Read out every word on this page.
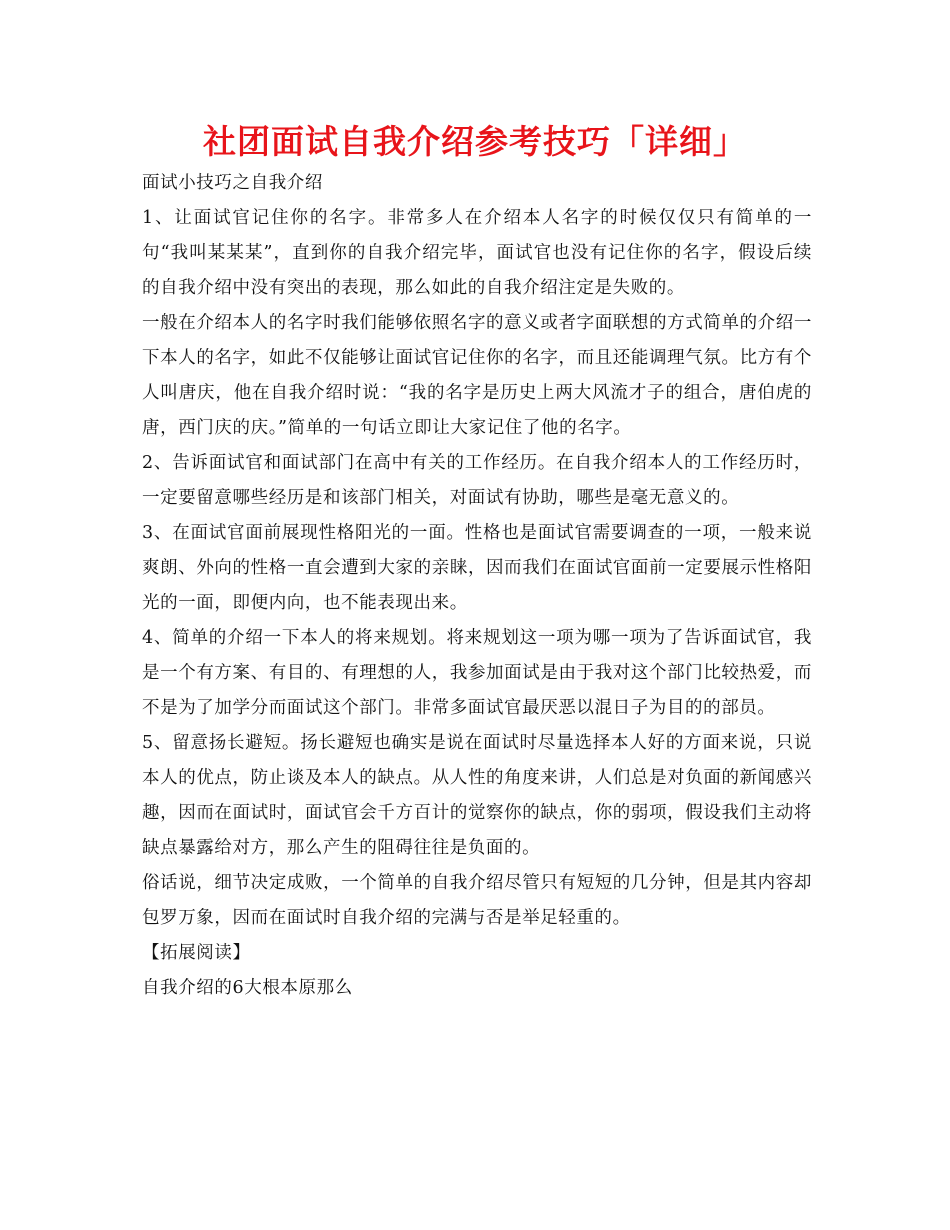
社团面试自我介绍参考技巧「详细」

面试小技巧之自我介绍

1、让面试官记住你的名字。非常多人在介绍本人名字的时候仅仅只有简单的一句“我叫某某某”，直到你的自我介绍完毕，面试官也没有记住你的名字，假设后续的自我介绍中没有突出的表现，那么如此的自我介绍注定是失败的。

一般在介绍本人的名字时我们能够依照名字的意义或者字面联想的方式简单的介绍一下本人的名字，如此不仅能够让面试官记住你的名字，而且还能调理气氛。比方有个人叫唐庆，他在自我介绍时说：“我的名字是历史上两大风流才子的组合，唐伯虎的唐，西门庆的庆。”简单的一句话立即让大家记住了他的名字。

2、告诉面试官和面试部门在高中有关的工作经历。在自我介绍本人的工作经历时，一定要留意哪些经历是和该部门相关，对面试有协助，哪些是毫无意义的。

3、在面试官面前展现性格阳光的一面。性格也是面试官需要调查的一项，一般来说爽朗、外向的性格一直会遭到大家的亲睐，因而我们在面试官面前一定要展示性格阳光的一面，即便内向，也不能表现出来。

4、简单的介绍一下本人的将来规划。将来规划这一项为哪一项为了告诉面试官，我是一个有方案、有目的、有理想的人，我参加面试是由于我对这个部门比较热爱，而不是为了加学分而面试这个部门。非常多面试官最厌恶以混日子为目的的部员。

5、留意扬长避短。扬长避短也确实是说在面试时尽量选择本人好的方面来说，只说本人的优点，防止谈及本人的缺点。从人性的角度来讲，人们总是对负面的新闻感兴趣，因而在面试时，面试官会千方百计的觉察你的缺点，你的弱项，假设我们主动将缺点暴露给对方，那么产生的阻碍往往是负面的。

俗话说，细节决定成败，一个简单的自我介绍尽管只有短短的几分钟，但是其内容却包罗万象，因而在面试时自我介绍的完满与否是举足轻重的。

【拓展阅读】

自我介绍的6大根本原那么
